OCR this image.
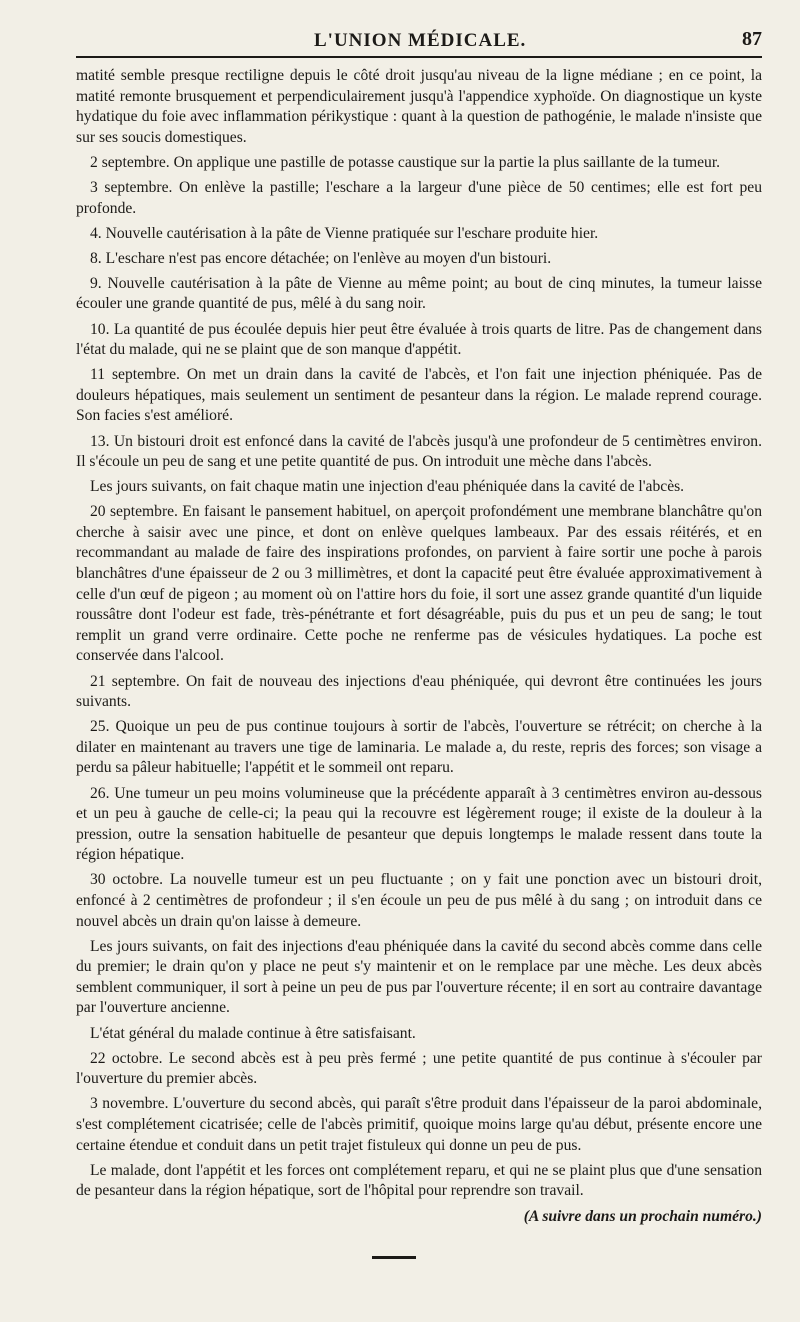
L'UNION MÉDICALE.	87

matité semble presque rectiligne depuis le côté droit jusqu'au niveau de la ligne médiane ; en ce point, la matité remonte brusquement et perpendiculairement jusqu'à l'appendice xyphoïde. On diagnostique un kyste hydatique du foie avec inflammation périkystique : quant à la question de pathogénie, le malade n'insiste que sur ses soucis domestiques.

2 septembre. On applique une pastille de potasse caustique sur la partie la plus saillante de la tumeur.

3 septembre. On enlève la pastille; l'eschare a la largeur d'une pièce de 50 centimes; elle est fort peu profonde.

4. Nouvelle cautérisation à la pâte de Vienne pratiquée sur l'eschare produite hier.

8. L'eschare n'est pas encore détachée; on l'enlève au moyen d'un bistouri.

9. Nouvelle cautérisation à la pâte de Vienne au même point; au bout de cinq minutes, la tumeur laisse écouler une grande quantité de pus, mêlé à du sang noir.

10. La quantité de pus écoulée depuis hier peut être évaluée à trois quarts de litre. Pas de changement dans l'état du malade, qui ne se plaint que de son manque d'appétit.

11 septembre. On met un drain dans la cavité de l'abcès, et l'on fait une injection phéniquée. Pas de douleurs hépatiques, mais seulement un sentiment de pesanteur dans la région. Le malade reprend courage. Son facies s'est amélioré.

13. Un bistouri droit est enfoncé dans la cavité de l'abcès jusqu'à une profondeur de 5 centimètres environ. Il s'écoule un peu de sang et une petite quantité de pus. On introduit une mèche dans l'abcès.

Les jours suivants, on fait chaque matin une injection d'eau phéniquée dans la cavité de l'abcès.

20 septembre. En faisant le pansement habituel, on aperçoit profondément une membrane blanchâtre qu'on cherche à saisir avec une pince, et dont on enlève quelques lambeaux. Par des essais réitérés, et en recommandant au malade de faire des inspirations profondes, on parvient à faire sortir une poche à parois blanchâtres d'une épaisseur de 2 ou 3 millimètres, et dont la capacité peut être évaluée approximativement à celle d'un œuf de pigeon ; au moment où on l'attire hors du foie, il sort une assez grande quantité d'un liquide roussâtre dont l'odeur est fade, très-pénétrante et fort désagréable, puis du pus et un peu de sang; le tout remplit un grand verre ordinaire. Cette poche ne renferme pas de vésicules hydatiques. La poche est conservée dans l'alcool.

21 septembre. On fait de nouveau des injections d'eau phéniquée, qui devront être continuées les jours suivants.

25. Quoique un peu de pus continue toujours à sortir de l'abcès, l'ouverture se rétrécit; on cherche à la dilater en maintenant au travers une tige de laminaria. Le malade a, du reste, repris des forces; son visage a perdu sa pâleur habituelle; l'appétit et le sommeil ont reparu.

26. Une tumeur un peu moins volumineuse que la précédente apparaît à 3 centimètres environ au-dessous et un peu à gauche de celle-ci; la peau qui la recouvre est légèrement rouge; il existe de la douleur à la pression, outre la sensation habituelle de pesanteur que depuis longtemps le malade ressent dans toute la région hépatique.

30 octobre. La nouvelle tumeur est un peu fluctuante ; on y fait une ponction avec un bistouri droit, enfoncé à 2 centimètres de profondeur ; il s'en écoule un peu de pus mêlé à du sang ; on introduit dans ce nouvel abcès un drain qu'on laisse à demeure.

Les jours suivants, on fait des injections d'eau phéniquée dans la cavité du second abcès comme dans celle du premier; le drain qu'on y place ne peut s'y maintenir et on le remplace par une mèche. Les deux abcès semblent communiquer, il sort à peine un peu de pus par l'ouverture récente; il en sort au contraire davantage par l'ouverture ancienne.

L'état général du malade continue à être satisfaisant.

22 octobre. Le second abcès est à peu près fermé ; une petite quantité de pus continue à s'écouler par l'ouverture du premier abcès.

3 novembre. L'ouverture du second abcès, qui paraît s'être produit dans l'épaisseur de la paroi abdominale, s'est complétement cicatrisée; celle de l'abcès primitif, quoique moins large qu'au début, présente encore une certaine étendue et conduit dans un petit trajet fistuleux qui donne un peu de pus.

Le malade, dont l'appétit et les forces ont complétement reparu, et qui ne se plaint plus que d'une sensation de pesanteur dans la région hépatique, sort de l'hôpital pour reprendre son travail.

(A suivre dans un prochain numéro.)
